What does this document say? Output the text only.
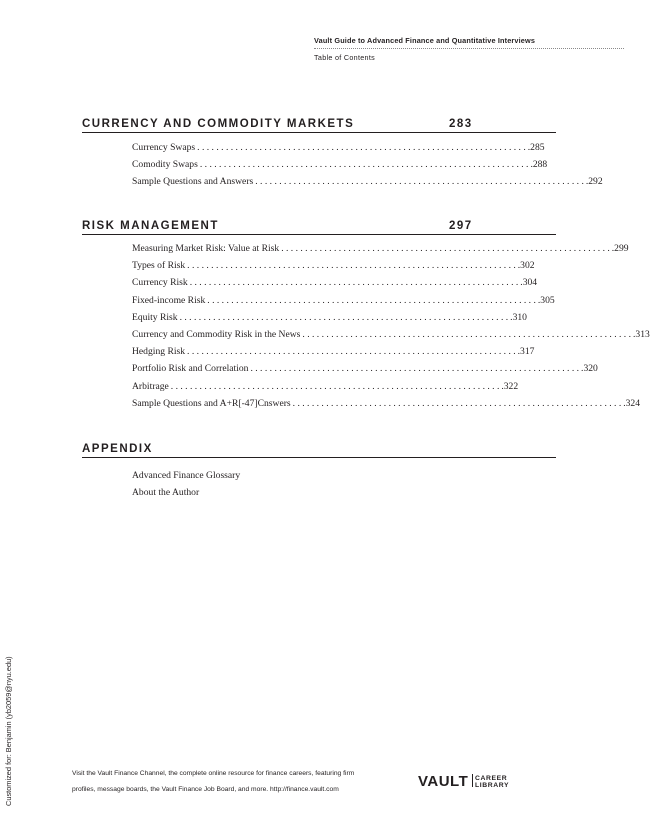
Vault Guide to Advanced Finance and Quantitative Interviews
Table of Contents
CURRENCY AND COMMODITY MARKETS	283
Currency Swaps . . .	.285
Comodity Swaps . . .	.288
Sample Questions and Answers . . .	.292
RISK MANAGEMENT	297
Measuring Market Risk: Value at Risk . . .	.299
Types of Risk . . .	.302
Currency Risk . . .	.304
Fixed-income Risk . . .	.305
Equity Risk . . .	.310
Currency and Commodity Risk in the News . . .	.313
Hedging Risk . . .	.317
Portfolio Risk and Correlation . . .	.320
Arbitrage . . .	.322
Sample Questions and A+R[-47]Cnswers . . .	.324
APPENDIX
Advanced Finance Glossary
About the Author
Customized for: Benjamin (yb2059@nyu.edu)	Visit the Vault Finance Channel, the complete online resource for finance careers, featuring firm
profiles, message boards, the Vault Finance Job Board, and more. http://finance.vault.com	VAULT CAREER
LIBRARY
